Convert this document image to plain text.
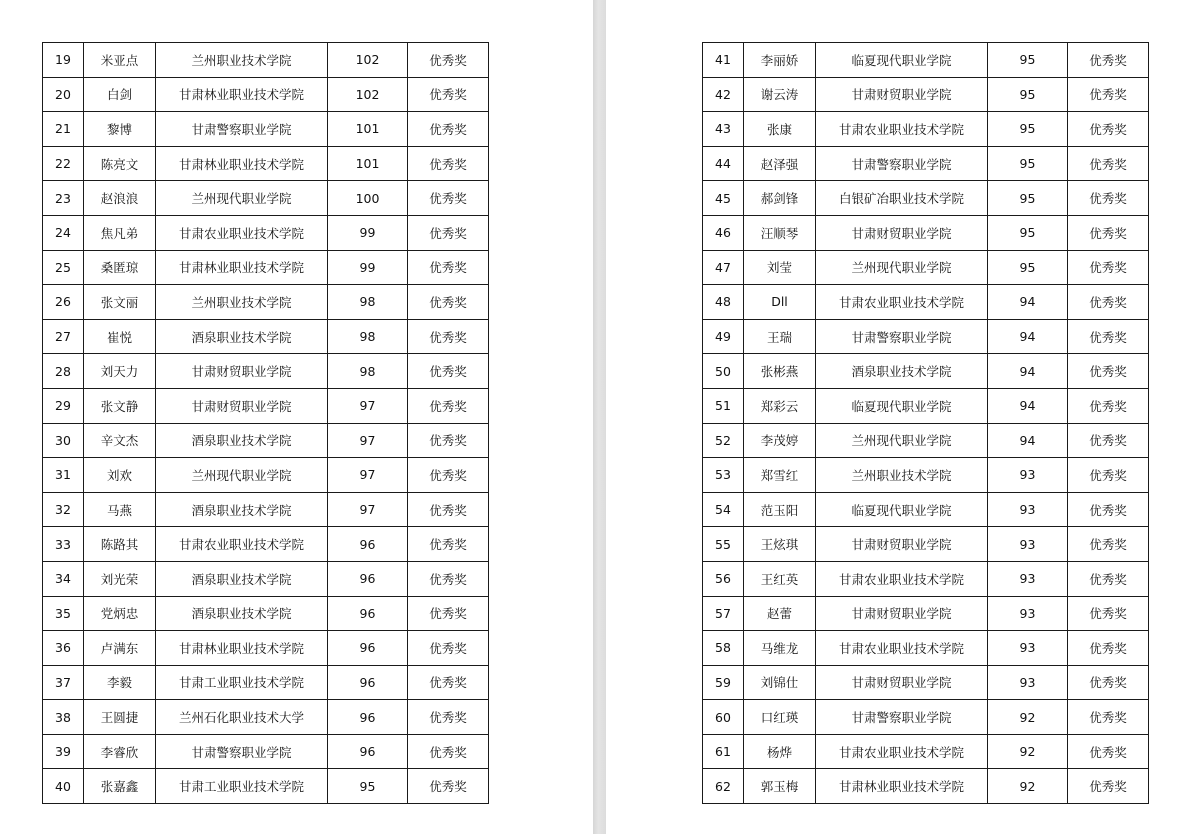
19	米亚点	兰州职业技术学院	102	优秀奖
20	白剑	甘肃林业职业技术学院	102	优秀奖
21	黎博	甘肃警察职业学院	101	优秀奖
22	陈亮文	甘肃林业职业技术学院	101	优秀奖
23	赵浪浪	兰州现代职业学院	100	优秀奖
24	焦凡弟	甘肃农业职业技术学院	99	优秀奖
25	桑匿琼	甘肃林业职业技术学院	99	优秀奖
26	张文丽	兰州职业技术学院	98	优秀奖
27	崔悦	酒泉职业技术学院	98	优秀奖
28	刘天力	甘肃财贸职业学院	98	优秀奖
29	张文静	甘肃财贸职业学院	97	优秀奖
30	辛文杰	酒泉职业技术学院	97	优秀奖
31	刘欢	兰州现代职业学院	97	优秀奖
32	马燕	酒泉职业技术学院	97	优秀奖
33	陈路其	甘肃农业职业技术学院	96	优秀奖
34	刘光荣	酒泉职业技术学院	96	优秀奖
35	党炳忠	酒泉职业技术学院	96	优秀奖
36	卢满东	甘肃林业职业技术学院	96	优秀奖
37	李毅	甘肃工业职业技术学院	96	优秀奖
38	王圆捷	兰州石化职业技术大学	96	优秀奖
39	李睿欣	甘肃警察职业学院	96	优秀奖
40	张嘉鑫	甘肃工业职业技术学院	95	优秀奖
41	李丽娇	临夏现代职业学院	95	优秀奖
42	谢云涛	甘肃财贸职业学院	95	优秀奖
43	张康	甘肃农业职业技术学院	95	优秀奖
44	赵泽强	甘肃警察职业学院	95	优秀奖
45	郝剑锋	白银矿冶职业技术学院	95	优秀奖
46	汪顺琴	甘肃财贸职业学院	95	优秀奖
47	刘莹	兰州现代职业学院	95	优秀奖
48	Dll	甘肃农业职业技术学院	94	优秀奖
49	王瑞	甘肃警察职业学院	94	优秀奖
50	张彬燕	酒泉职业技术学院	94	优秀奖
51	郑彩云	临夏现代职业学院	94	优秀奖
52	李茂婷	兰州现代职业学院	94	优秀奖
53	郑雪红	兰州职业技术学院	93	优秀奖
54	范玉阳	临夏现代职业学院	93	优秀奖
55	王炫琪	甘肃财贸职业学院	93	优秀奖
56	王红英	甘肃农业职业技术学院	93	优秀奖
57	赵蕾	甘肃财贸职业学院	93	优秀奖
58	马维龙	甘肃农业职业技术学院	93	优秀奖
59	刘锦仕	甘肃财贸职业学院	93	优秀奖
60	口红瑛	甘肃警察职业学院	92	优秀奖
61	杨烨	甘肃农业职业技术学院	92	优秀奖
62	郭玉梅	甘肃林业职业技术学院	92	优秀奖
